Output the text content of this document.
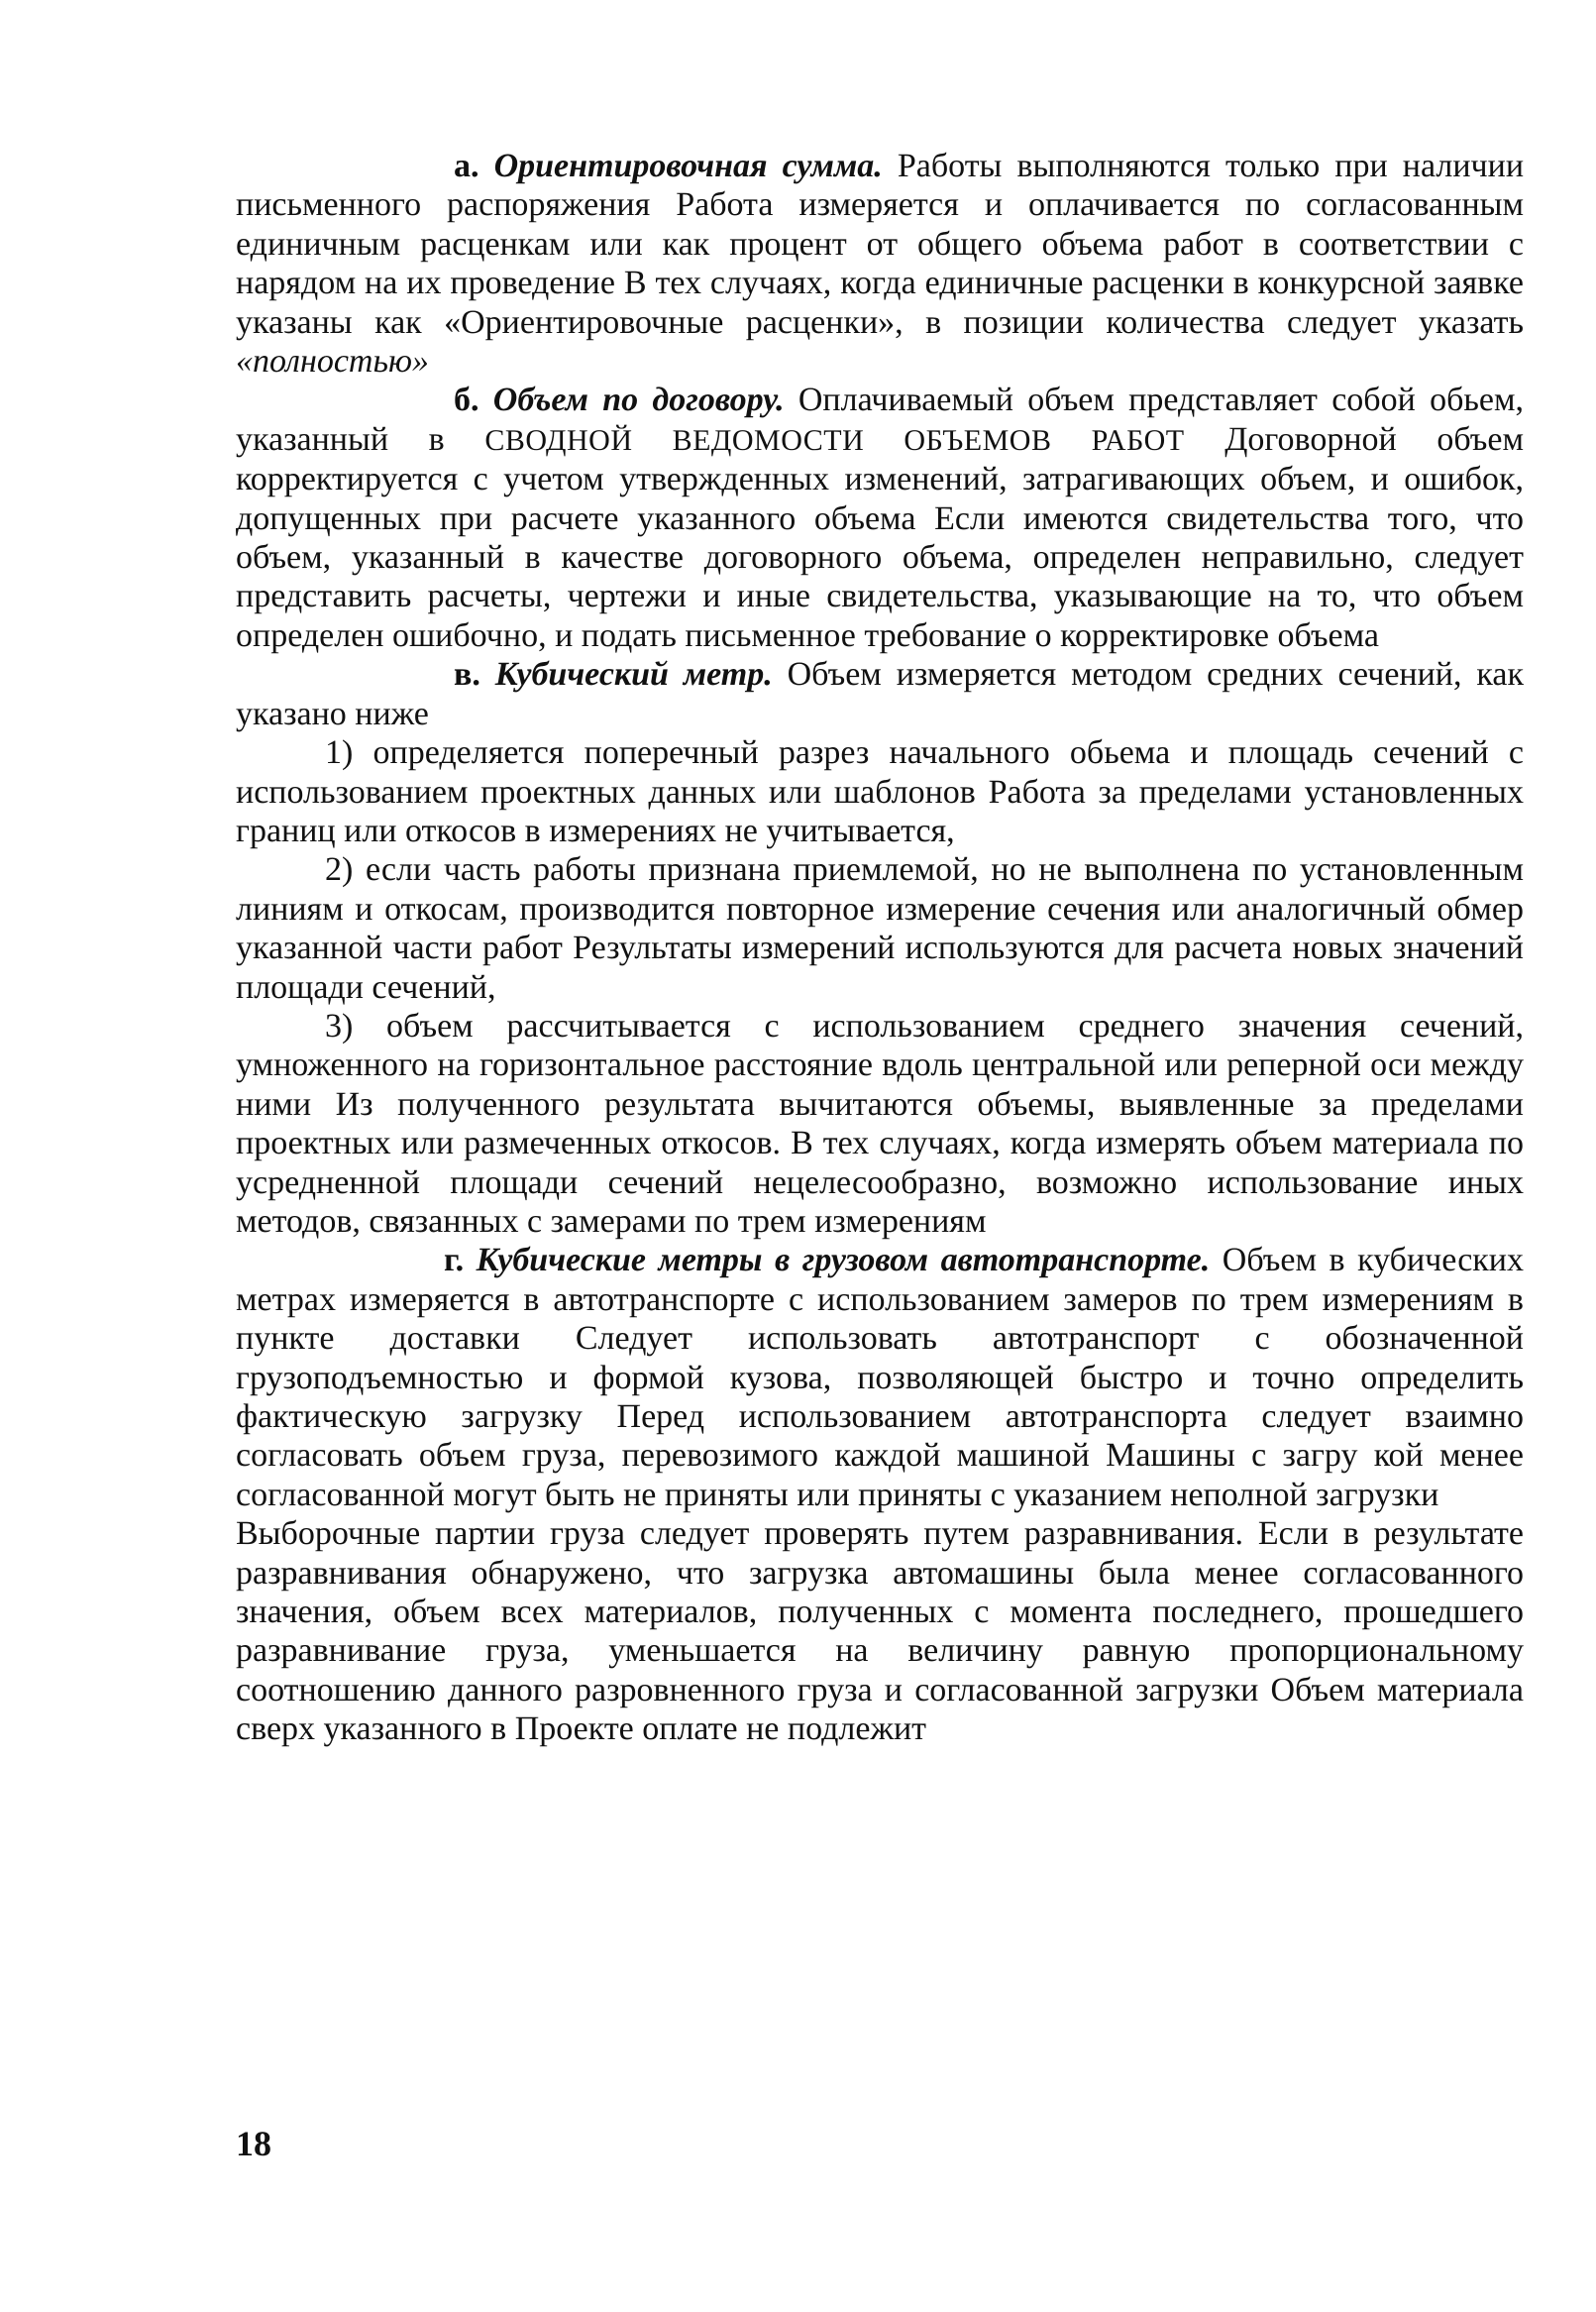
а. Ориентировочная сумма. Работы выполняются только при наличии письменного распоряжения Работа измеряется и оплачивается по согласованным единичным расценкам или как процент от общего объема работ в соответствии с нарядом на их проведение В тех случаях, когда единичные расценки в конкурсной заявке указаны как «Ориентировочные расценки», в позиции количества следует указать «полностью»

б. Объем по договору. Оплачиваемый объем представляет собой обьем, указанный в СВОДНОЙ ВЕДОМОСТИ ОБЪЕМОВ РАБОТ Договорной объем корректируется с учетом утвержденных изменений, затрагивающих объем, и ошибок, допущенных при расчете указанного объема Если имеются свидетельства того, что объем, указанный в качестве договорного объема, определен неправильно, следует представить расчеты, чертежи и иные свидетельства, указывающие на то, что объем определен ошибочно, и подать письменное требование о корректировке объема

в. Кубический метр. Объем измеряется методом средних сечений, как указано ниже

1) определяется поперечный разрез начального обьема и площадь сечений с использованием проектных данных или шаблонов Работа за пределами установленных границ или откосов в измерениях не учитывается,

2) если часть работы признана приемлемой, но не выполнена по установленным линиям и откосам, производится повторное измерение сечения или аналогичный обмер указанной части работ Результаты измерений используются для расчета новых значений площади сечений,

3) объем рассчитывается с использованием среднего значения сечений, умноженного на горизонтальное расстояние вдоль центральной или реперной оси между ними Из полученного результата вычитаются объемы, выявленные за пределами проектных или размеченных откосов. В тех случаях, когда измерять объем материала по усредненной площади сечений нецелесообразно, возможно использование иных методов, связанных с замерами по трем измерениям

г. Кубические метры в грузовом автотранспорте. Объем в кубических метрах измеряется в автотранспорте с использованием замеров по трем измерениям в пункте доставки Следует использовать автотранспорт с обозначенной грузоподъемностью и формой кузова, позволяющей быстро и точно определить фактическую загрузку Перед использованием автотранспорта следует взаимно согласовать объем груза, перевозимого каждой машиной Машины с загру кой менее согласованной могут быть не приняты или приняты с указанием неполной загрузки

Выборочные партии груза следует проверять путем разравнивания. Если в результате разравнивания обнаружено, что загрузка автомашины была менее согласованного значения, объем всех материалов, полученных с момента последнего, прошедшего разравнивание груза, уменьшается на величину равную пропорциональному соотношению данного разровненного груза и согласованной загрузки Объем материала сверх указанного в Проекте оплате не подлежит

18
